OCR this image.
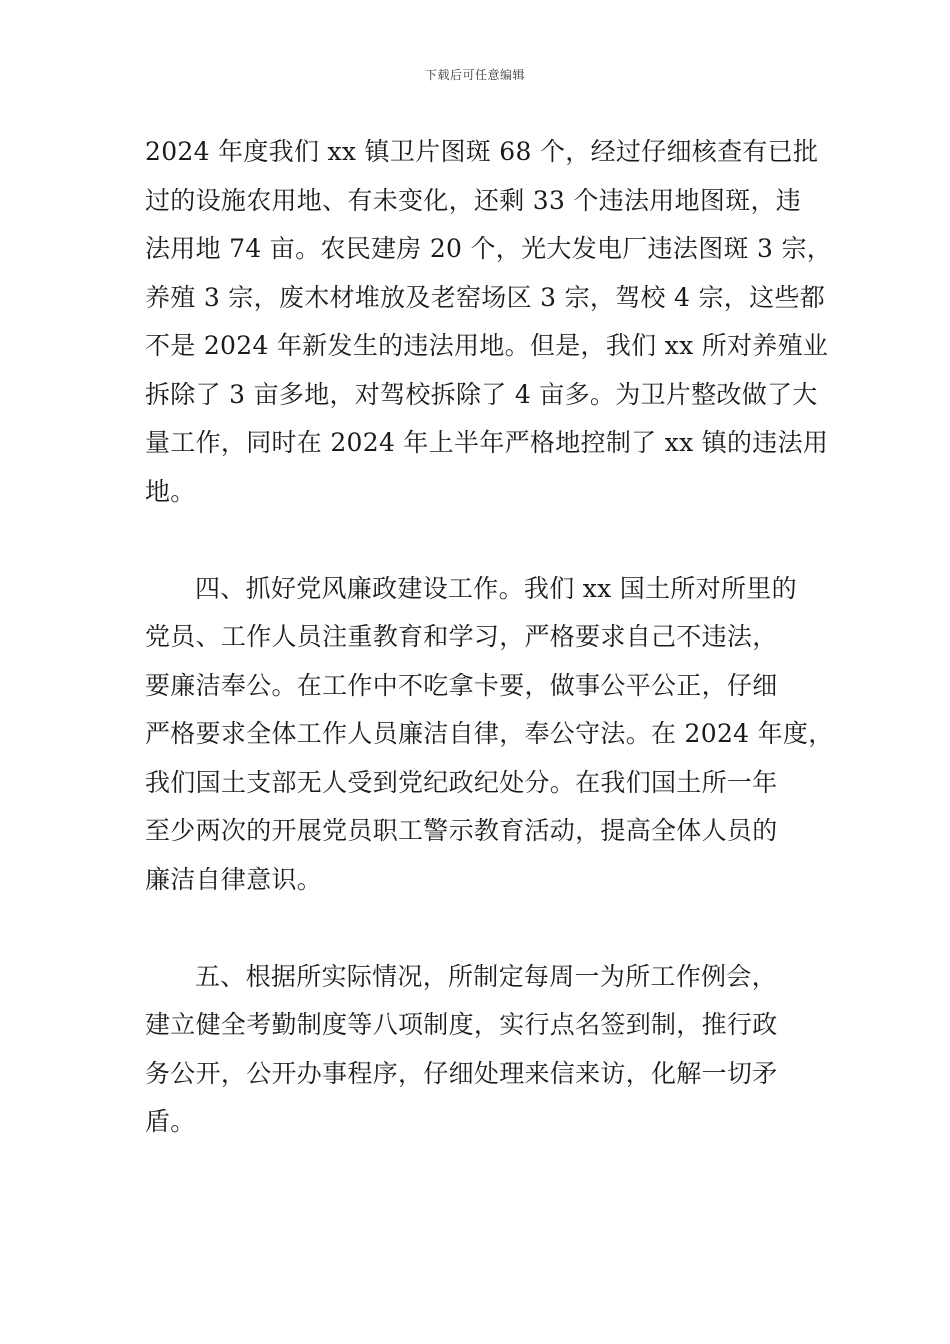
下载后可任意编辑
2024 年度我们 xx 镇卫片图斑 68 个，经过仔细核查有已批
过的设施农用地、有未变化，还剩 33 个违法用地图斑，违
法用地 74 亩。农民建房 20 个，光大发电厂违法图斑 3 宗，
养殖 3 宗，废木材堆放及老窑场区 3 宗，驾校 4 宗，这些都
不是 2024 年新发生的违法用地。但是，我们 xx 所对养殖业
拆除了 3 亩多地，对驾校拆除了 4 亩多。为卫片整改做了大
量工作，同时在 2024 年上半年严格地控制了 xx 镇的违法用
地。
四、抓好党风廉政建设工作。我们 xx 国土所对所里的
党员、工作人员注重教育和学习，严格要求自己不违法，
要廉洁奉公。在工作中不吃拿卡要，做事公平公正，仔细
严格要求全体工作人员廉洁自律，奉公守法。在 2024 年度，
我们国土支部无人受到党纪政纪处分。在我们国土所一年
至少两次的开展党员职工警示教育活动，提高全体人员的
廉洁自律意识。
五、根据所实际情况，所制定每周一为所工作例会，
建立健全考勤制度等八项制度，实行点名签到制，推行政
务公开，公开办事程序，仔细处理来信来访，化解一切矛
盾。
